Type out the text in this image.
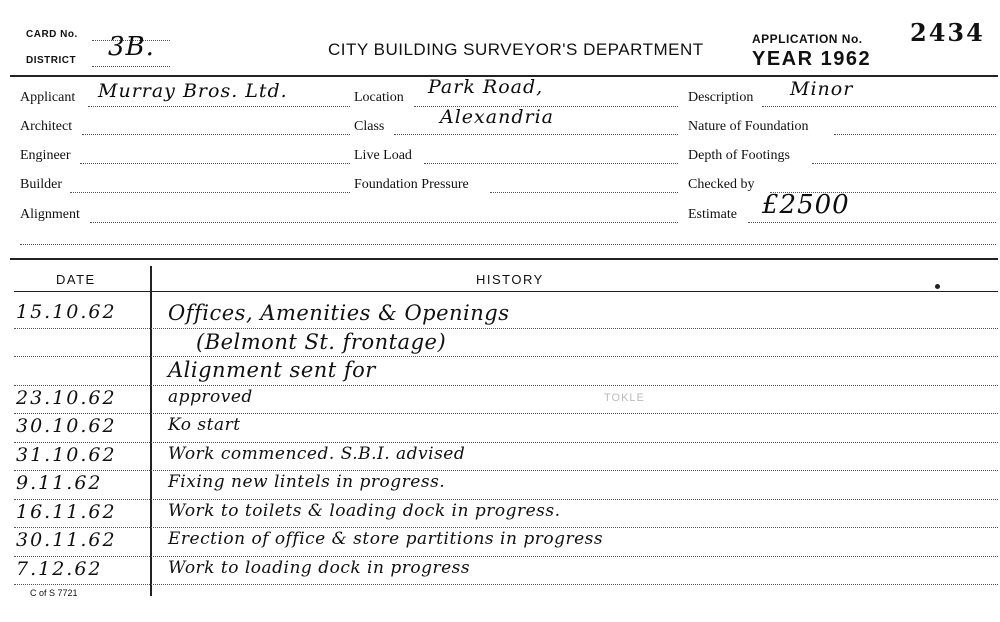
CARD No.
DISTRICT 3B.	CITY BUILDING SURVEYOR'S DEPARTMENT
APPLICATION No. 2434
YEAR 1962
Applicant Murray Bros. Ltd.
Architect
Engineer
Builder
Alignment
Location Park Road,
Class	Alexandria
Live Load
Foundation Pressure
Description Minor
Nature of Foundation
Depth of Footings
Checked by
Estimate £2500
DATE	HISTORY
15.10.62 Offices, Amenities & Openings
(Belmont St. frontage)
Alignment sent for
23.10.62	approved
30.10.62	Ko start
31.10.62	Work commenced. S.B.I. advised
9.11.62	Fixing new lintels in progress.
16.11.62	Work to toilets & loading dock in progress.
30.11.62	Erection of office & store partitions in progress
7.12.62	Work to loading dock in progress
TOKLE
C of S 7721
